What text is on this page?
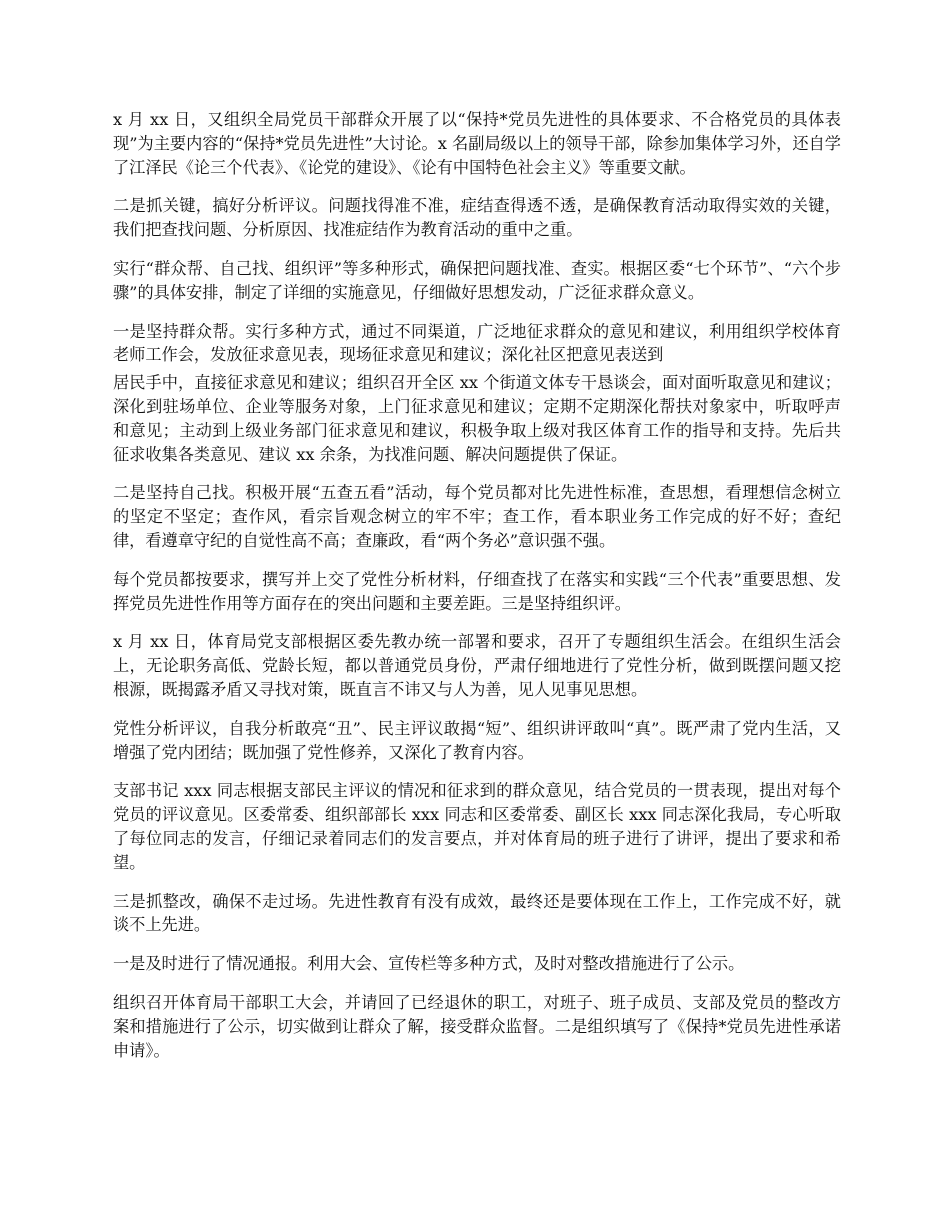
x 月 xx 日，又组织全局党员干部群众开展了以“保持*党员先进性的具体要求、不合格党员的具体表现”为主要内容的“保持*党员先进性”大讨论。x 名副局级以上的领导干部，除参加集体学习外，还自学了江泽民《论三个代表》、《论党的建设》、《论有中国特色社会主义》等重要文献。

二是抓关键，搞好分析评议。问题找得准不准，症结查得透不透，是确保教育活动取得实效的关键，我们把查找问题、分析原因、找准症结作为教育活动的重中之重。

实行“群众帮、自己找、组织评”等多种形式，确保把问题找准、查实。根据区委“七个环节”、“六个步骤”的具体安排，制定了详细的实施意见，仔细做好思想发动，广泛征求群众意义。

一是坚持群众帮。实行多种方式，通过不同渠道，广泛地征求群众的意见和建议，利用组织学校体育老师工作会，发放征求意见表，现场征求意见和建议；深化社区把意见表送到

居民手中，直接征求意见和建议；组织召开全区 xx 个街道文体专干恳谈会，面对面听取意见和建议；深化到驻场单位、企业等服务对象，上门征求意见和建议；定期不定期深化帮扶对象家中，听取呼声和意见；主动到上级业务部门征求意见和建议，积极争取上级对我区体育工作的指导和支持。先后共征求收集各类意见、建议 xx 余条，为找准问题、解决问题提供了保证。

二是坚持自己找。积极开展“五查五看”活动，每个党员都对比先进性标准，查思想，看理想信念树立的坚定不坚定；查作风，看宗旨观念树立的牢不牢；查工作，看本职业务工作完成的好不好；查纪律，看遵章守纪的自觉性高不高；查廉政，看“两个务必”意识强不强。

每个党员都按要求，撰写并上交了党性分析材料，仔细查找了在落实和实践“三个代表”重要思想、发挥党员先进性作用等方面存在的突出问题和主要差距。三是坚持组织评。

x 月 xx 日，体育局党支部根据区委先教办统一部署和要求，召开了专题组织生活会。在组织生活会上，无论职务高低、党龄长短，都以普通党员身份，严肃仔细地进行了党性分析，做到既摆问题又挖根源，既揭露矛盾又寻找对策，既直言不讳又与人为善，见人见事见思想。

党性分析评议，自我分析敢亮“丑”、民主评议敢揭“短”、组织讲评敢叫“真”。既严肃了党内生活，又增强了党内团结；既加强了党性修养，又深化了教育内容。

支部书记 xxx 同志根据支部民主评议的情况和征求到的群众意见，结合党员的一贯表现，提出对每个党员的评议意见。区委常委、组织部部长 xxx 同志和区委常委、副区长 xxx 同志深化我局，专心听取了每位同志的发言，仔细记录着同志们的发言要点，并对体育局的班子进行了讲评，提出了要求和希望。

三是抓整改，确保不走过场。先进性教育有没有成效，最终还是要体现在工作上，工作完成不好，就谈不上先进。

一是及时进行了情况通报。利用大会、宣传栏等多种方式，及时对整改措施进行了公示。

组织召开体育局干部职工大会，并请回了已经退休的职工，对班子、班子成员、支部及党员的整改方案和措施进行了公示，切实做到让群众了解，接受群众监督。二是组织填写了《保持*党员先进性承诺申请》。
